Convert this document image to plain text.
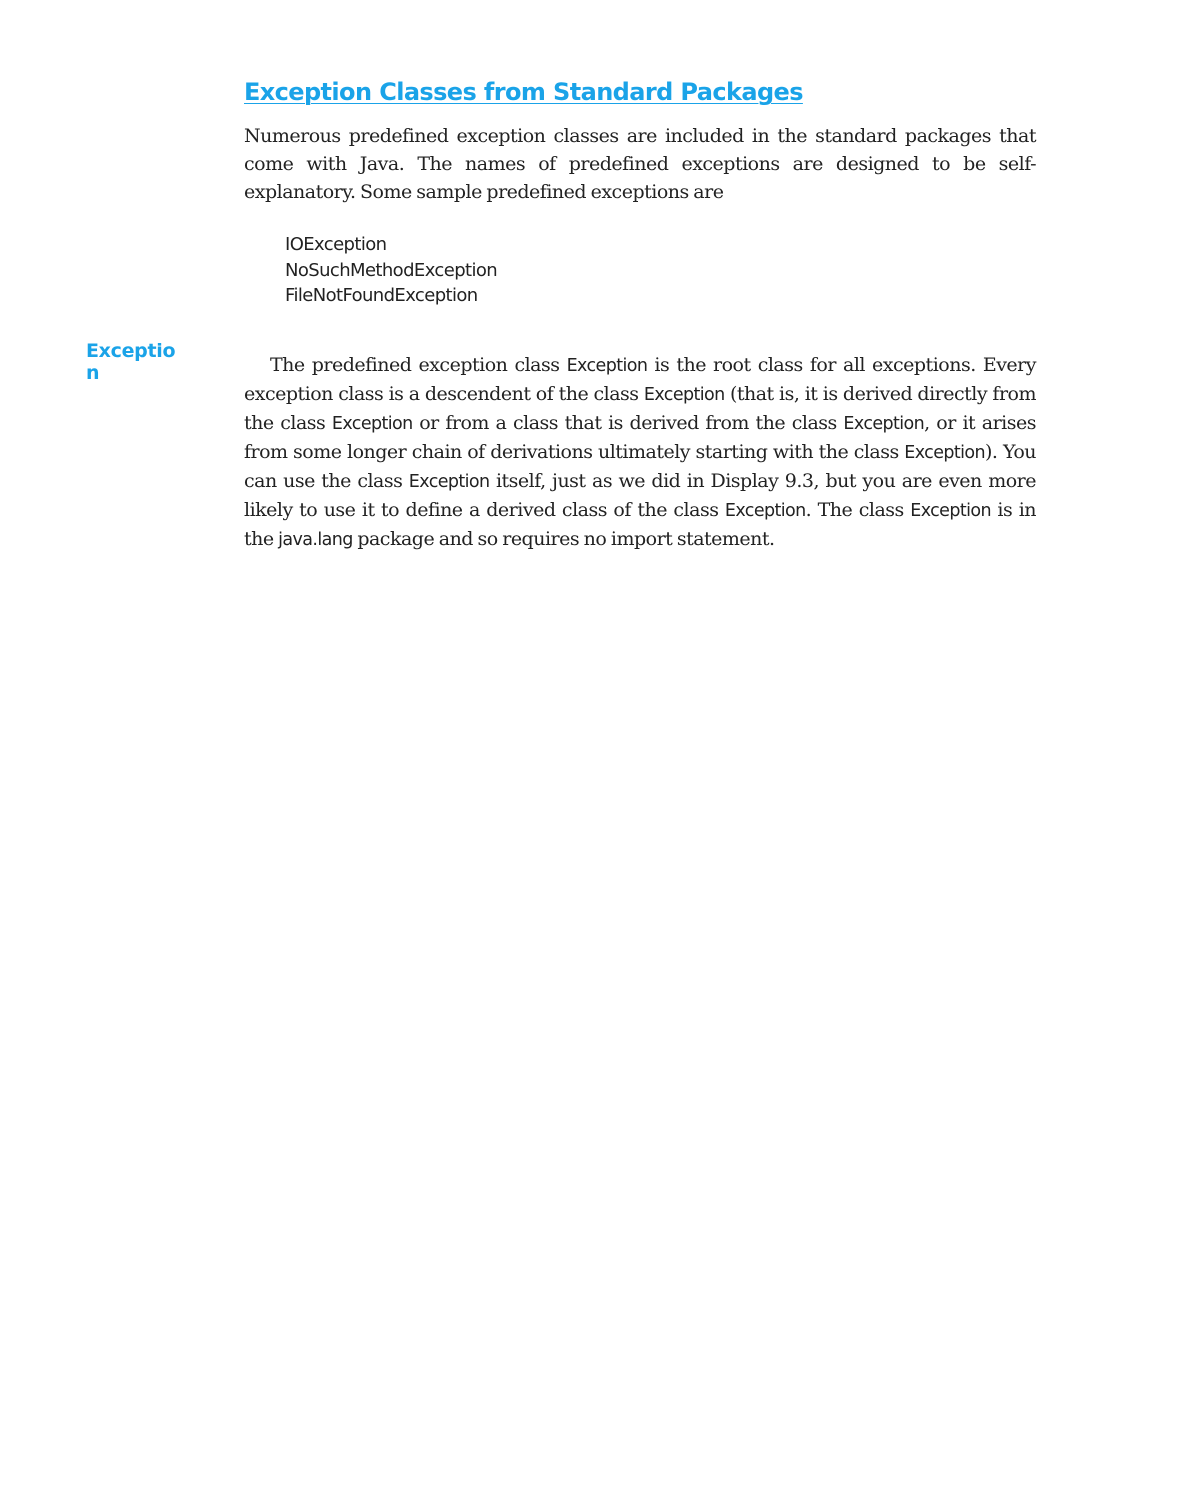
Exception Classes from Standard Packages

Numerous predefined exception classes are included in the standard packages that come with Java. The names of predefined exceptions are designed to be self-explanatory. Some sample predefined exceptions are

IOException
NoSuchMethodException
FileNotFoundException
Exception	The predefined exception class Exception is the root class for all exceptions. Every exception class is a descendent of the class Exception (that is, it is derived directly from the class Exception or from a class that is derived from the class Exception, or it arises from some longer chain of derivations ultimately starting with the class Exception). You can use the class Exception itself, just as we did in Display 9.3, but you are even more likely to use it to define a derived class of the class Exception. The class Exception is in the java.lang package and so requires no import statement.
